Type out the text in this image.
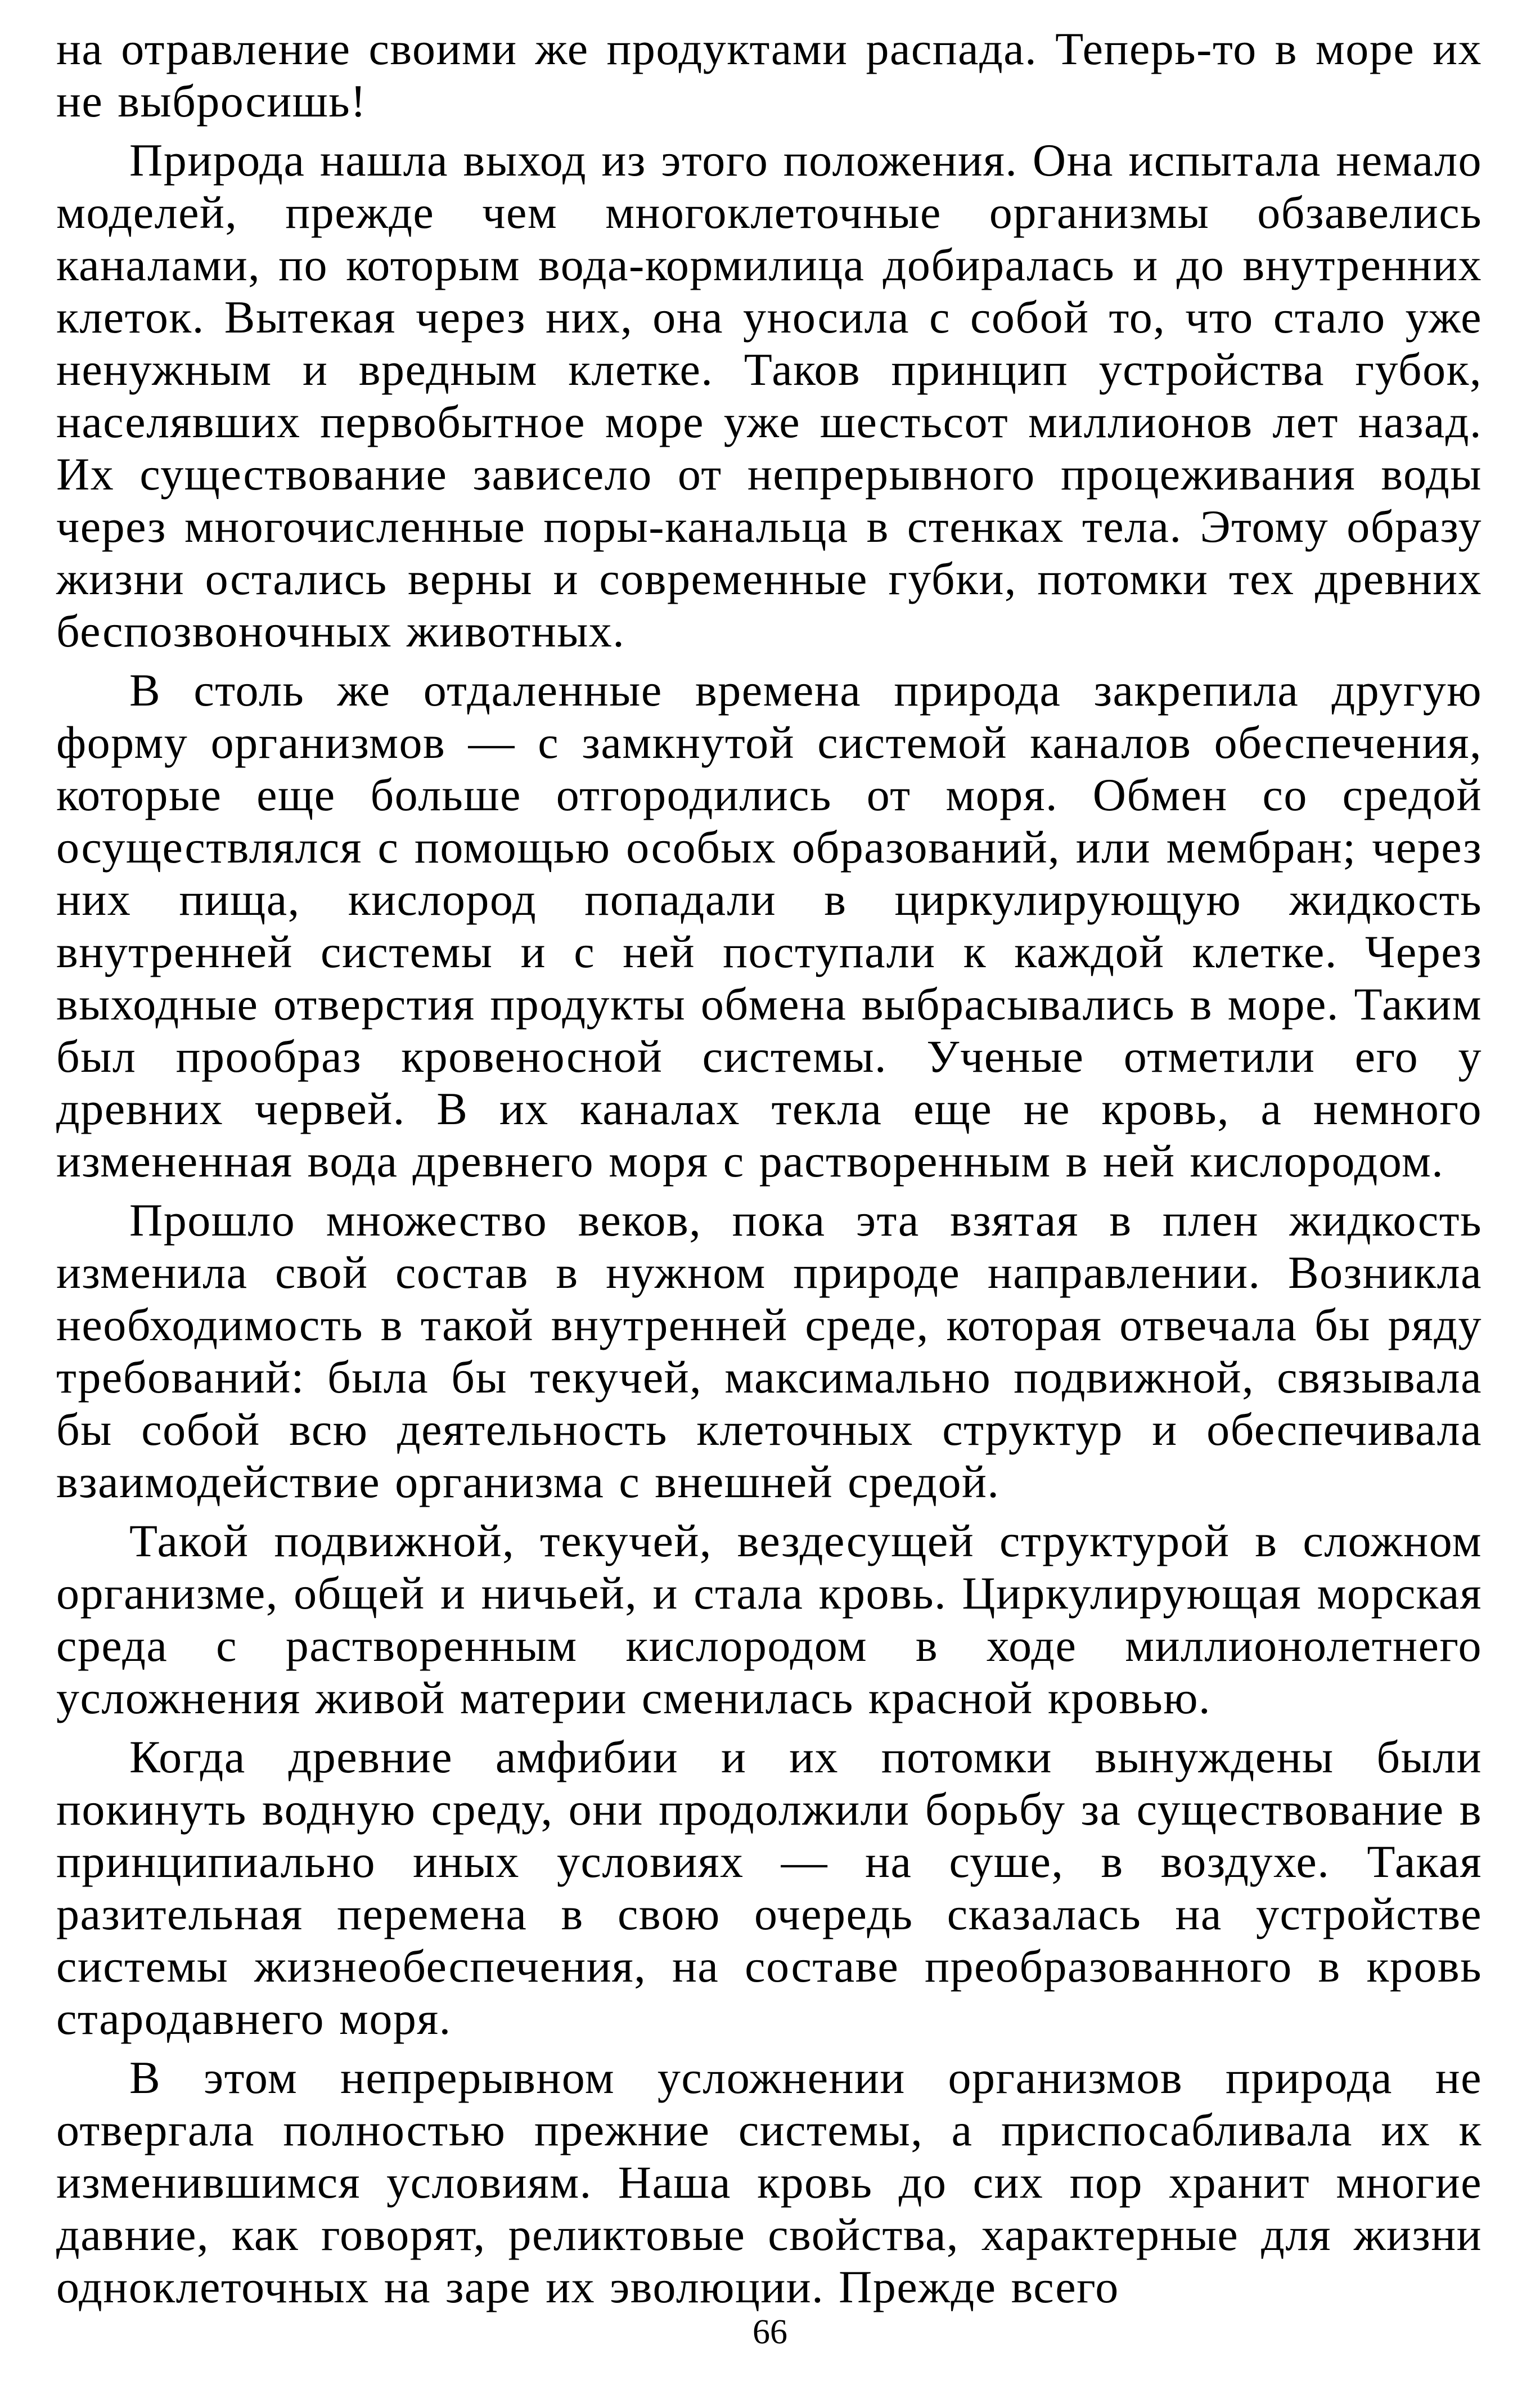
на отравление своими же продуктами распада. Теперь-то в море их не выбросишь!

Природа нашла выход из этого положения. Она испытала немало моделей, прежде чем многоклеточные организмы обзавелись каналами, по которым вода-кормилица добиралась и до внутренних клеток. Вытекая через них, она уносила с собой то, что стало уже ненужным и вредным клетке. Таков принцип устройства губок, населявших первобытное море уже шестьсот миллионов лет назад. Их существование зависело от непрерывного процеживания воды через многочисленные поры-канальца в стенках тела. Этому образу жизни остались верны и современные губки, потомки тех древних беспозвоночных животных.

В столь же отдаленные времена природа закрепила другую форму организмов — с замкнутой системой каналов обеспечения, которые еще больше отгородились от моря. Обмен со средой осуществлялся с помощью особых образований, или мембран; через них пища, кислород попадали в циркулирующую жидкость внутренней системы и с ней поступали к каждой клетке. Через выходные отверстия продукты обмена выбрасывались в море. Таким был прообраз кровеносной системы. Ученые отметили его у древних червей. В их каналах текла еще не кровь, а немного измененная вода древнего моря с растворенным в ней кислородом.

Прошло множество веков, пока эта взятая в плен жидкость изменила свой состав в нужном природе направлении. Возникла необходимость в такой внутренней среде, которая отвечала бы ряду требований: была бы текучей, максимально подвижной, связывала бы собой всю деятельность клеточных структур и обеспечивала взаимодействие организма с внешней средой.

Такой подвижной, текучей, вездесущей структурой в сложном организме, общей и ничьей, и стала кровь. Циркулирующая морская среда с растворенным кислородом в ходе миллионолетнего усложнения живой материи сменилась красной кровью.

Когда древние амфибии и их потомки вынуждены были покинуть водную среду, они продолжили борьбу за существование в принципиально иных условиях — на суше, в воздухе. Такая разительная перемена в свою очередь сказалась на устройстве системы жизнеобеспечения, на составе преобразованного в кровь стародавнего моря.

В этом непрерывном усложнении организмов природа не отвергала полностью прежние системы, а приспосабливала их к изменившимся условиям. Наша кровь до сих пор хранит многие давние, как говорят, реликтовые свойства, характерные для жизни одноклеточных на заре их эволюции. Прежде всего

66
